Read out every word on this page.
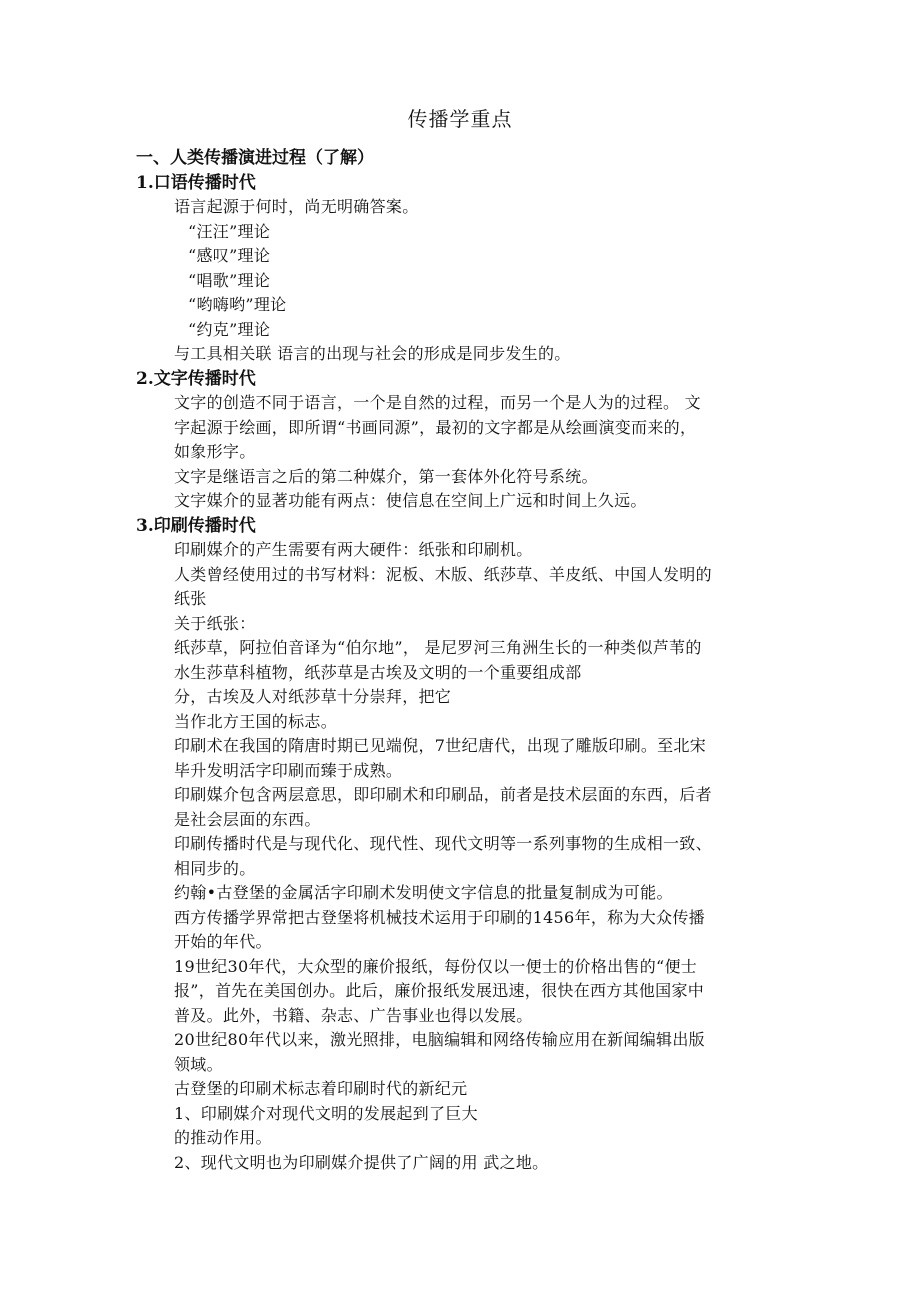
传播学重点
一、人类传播演进过程（了解）
1.口语传播时代
语言起源于何时，尚无明确答案。
“汪汪”理论
“感叹”理论
“唱歌”理论
“哟嗨哟”理论
“约克”理论
与工具相关联 语言的出现与社会的形成是同步发生的。
2.文字传播时代
文字的创造不同于语言，一个是自然的过程，而另一个是人为的过程。 文
字起源于绘画，即所谓“书画同源”，最初的文字都是从绘画演变而来的，
如象形字。
文字是继语言之后的第二种媒介，第一套体外化符号系统。
文字媒介的显著功能有两点：使信息在空间上广远和时间上久远。
3.印刷传播时代
印刷媒介的产生需要有两大硬件：纸张和印刷机。
人类曾经使用过的书写材料：泥板、木版、纸莎草、羊皮纸、中国人发明的
纸张
关于纸张：
纸莎草，阿拉伯音译为“伯尔地”， 是尼罗河三角洲生长的一种类似芦苇的
水生莎草科植物，纸莎草是古埃及文明的一个重要组成部
分，古埃及人对纸莎草十分崇拜，把它
当作北方王国的标志。
印刷术在我国的隋唐时期已见端倪，7世纪唐代，出现了雕版印刷。至北宋
毕升发明活字印刷而臻于成熟。
印刷媒介包含两层意思，即印刷术和印刷品，前者是技术层面的东西，后者
是社会层面的东西。
印刷传播时代是与现代化、现代性、现代文明等一系列事物的生成相一致、
相同步的。
约翰•古登堡的金属活字印刷术发明使文字信息的批量复制成为可能。
西方传播学界常把古登堡将机械技术运用于印刷的1456年，称为大众传播
开始的年代。
19世纪30年代，大众型的廉价报纸，每份仅以一便士的价格出售的“便士
报”，首先在美国创办。此后，廉价报纸发展迅速，很快在西方其他国家中
普及。此外，书籍、杂志、广告事业也得以发展。
20世纪80年代以来，激光照排，电脑编辑和网络传输应用在新闻编辑出版
领域。
古登堡的印刷术标志着印刷时代的新纪元
1、印刷媒介对现代文明的发展起到了巨大
的推动作用。
2、现代文明也为印刷媒介提供了广阔的用 武之地。
